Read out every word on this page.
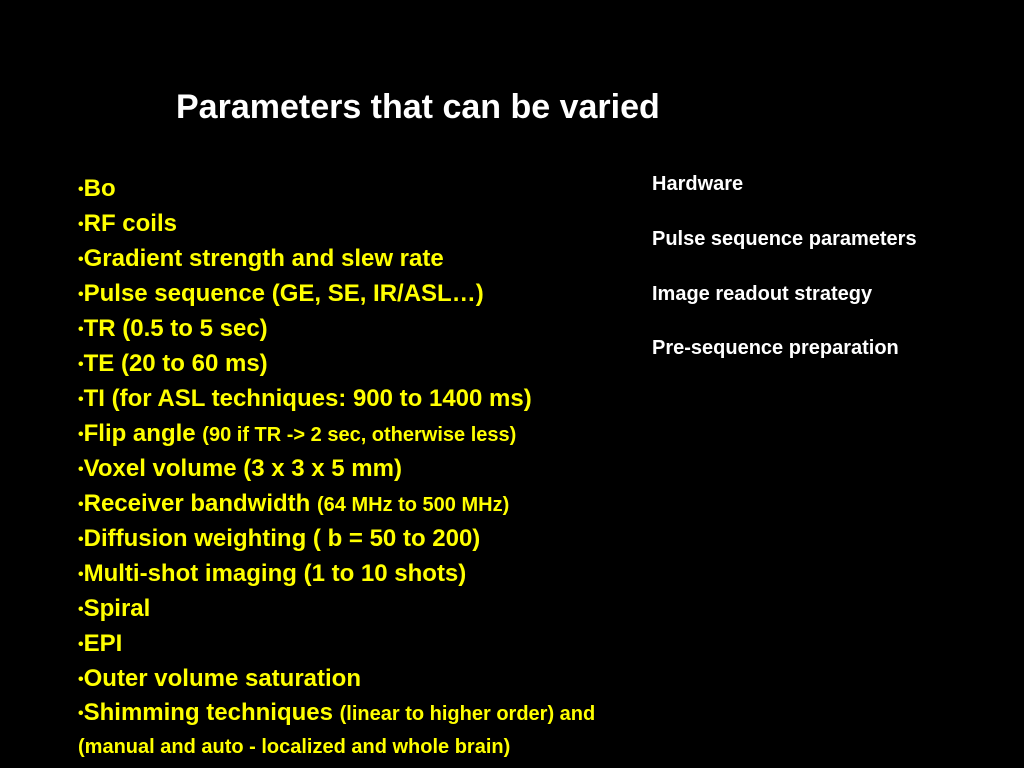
Parameters that can be varied
•Bo
•RF coils
•Gradient strength and slew rate
•Pulse sequence (GE, SE, IR/ASL…)
•TR (0.5 to 5 sec)
•TE (20 to 60 ms)
•TI (for ASL techniques: 900 to 1400 ms)
•Flip angle (90 if TR -> 2 sec, otherwise less)
•Voxel volume (3 x 3 x 5 mm)
•Receiver bandwidth (64 MHz to 500 MHz)
•Diffusion weighting ( b = 50 to 200)
•Multi-shot imaging (1 to 10 shots)
•Spiral
•EPI
•Outer volume saturation
•Shimming techniques (linear to higher order) and (manual and auto - localized and whole brain)
Hardware
Pulse sequence parameters
Image readout strategy
Pre-sequence preparation
